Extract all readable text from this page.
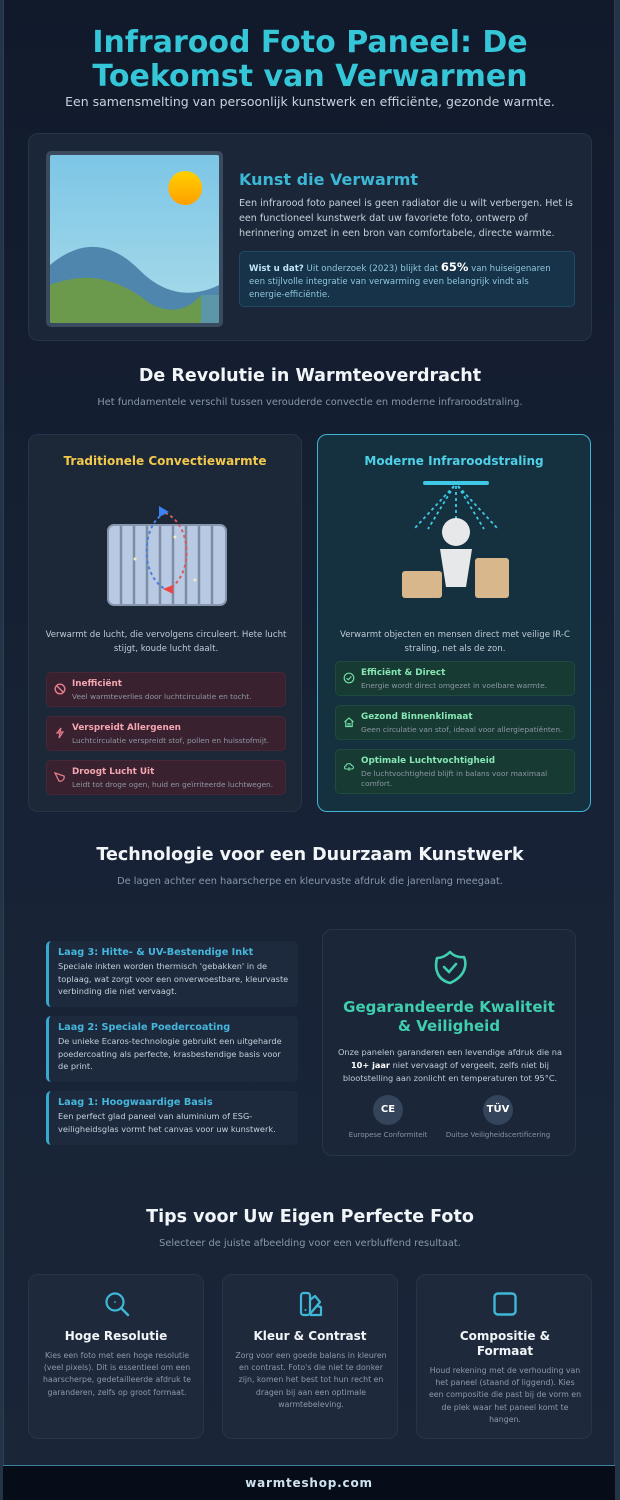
Infrarood Foto Paneel: De
Toekomst van Verwarmen
Een samensmelting van persoonlijk kunstwerk en efficiënte, gezonde warmte.
Kunst die Verwarmt
Een infrarood foto paneel is geen radiator die u wilt verbergen. Het is een functioneel kunstwerk dat uw favoriete foto, ontwerp of herinnering omzet in een bron van comfortabele, directe warmte.
Wist u dat? Uit onderzoek (2023) blijkt dat 65% van huiseigenaren een stijlvolle integratie van verwarming even belangrijk vindt als energie-efficiëntie.
De Revolutie in Warmteoverdracht
Het fundamentele verschil tussen verouderde convectie en moderne infraroodstraling.
Traditionele Convectiewarmte
Verwarmt de lucht, die vervolgens circuleert. Hete lucht stijgt, koude lucht daalt.
Inefficiënt
Veel warmteverlies door luchtcirculatie en tocht.
Verspreidt Allergenen
Luchtcirculatie verspreidt stof, pollen en huisstofmijt.
Droogt Lucht Uit
Leidt tot droge ogen, huid en geïrriteerde luchtwegen.
Moderne Infraroodstraling
Verwarmt objecten en mensen direct met veilige IR-C straling, net als de zon.
Efficiënt & Direct
Energie wordt direct omgezet in voelbare warmte.
Gezond Binnenklimaat
Geen circulatie van stof, ideaal voor allergiepatiënten.
Optimale Luchtvochtigheid
De luchtvochtigheid blijft in balans voor maximaal comfort.
Technologie voor een Duurzaam Kunstwerk
De lagen achter een haarscherpe en kleurvaste afdruk die jarenlang meegaat.
Laag 3: Hitte- & UV-Bestendige Inkt
Speciale inkten worden thermisch 'gebakken' in de toplaag, wat zorgt voor een onverwoestbare, kleurvaste verbinding die niet vervaagt.
Laag 2: Speciale Poedercoating
De unieke Ecaros-technologie gebruikt een uitgeharde poedercoating als perfecte, krasbestendige basis voor de print.
Laag 1: Hoogwaardige Basis
Een perfect glad paneel van aluminium of ESG-veiligheidsglas vormt het canvas voor uw kunstwerk.
Gegarandeerde Kwaliteit
& Veiligheid
Onze panelen garanderen een levendige afdruk die na 10+ jaar niet vervaagt of vergeelt, zelfs niet bij blootstelling aan zonlicht en temperaturen tot 95°C.
CE
Europese Conformiteit
TÜV
Duitse Veiligheidscertificering
Tips voor Uw Eigen Perfecte Foto
Selecteer de juiste afbeelding voor een verbluffend resultaat.
Hoge Resolutie
Kies een foto met een hoge resolutie (veel pixels). Dit is essentieel om een haarscherpe, gedetailleerde afdruk te garanderen, zelfs op groot formaat.
Kleur & Contrast
Zorg voor een goede balans in kleuren en contrast. Foto's die niet te donker zijn, komen het best tot hun recht en dragen bij aan een optimale warmtebeleving.
Compositie & Formaat
Houd rekening met de verhouding van het paneel (staand of liggend). Kies een compositie die past bij de vorm en de plek waar het paneel komt te hangen.
warmteshop.com
